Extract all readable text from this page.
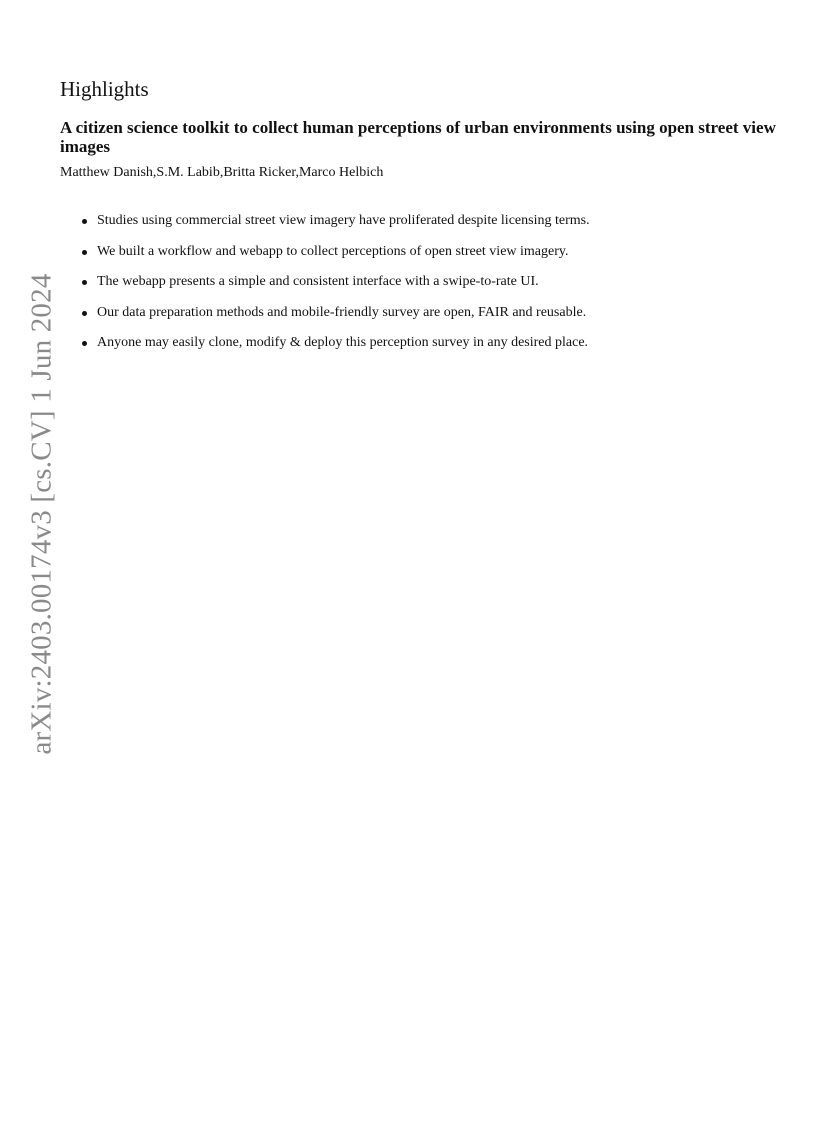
arXiv:2403.00174v3 [cs.CV] 1 Jun 2024
Highlights
A citizen science toolkit to collect human perceptions of urban environments using open street view images

Matthew Danish,S.M. Labib,Britta Ricker,Marco Helbich

Studies using commercial street view imagery have proliferated despite licensing terms.
We built a workflow and webapp to collect perceptions of open street view imagery.
The webapp presents a simple and consistent interface with a swipe-to-rate UI.
Our data preparation methods and mobile-friendly survey are open, FAIR and reusable.
Anyone may easily clone, modify & deploy this perception survey in any desired place.
